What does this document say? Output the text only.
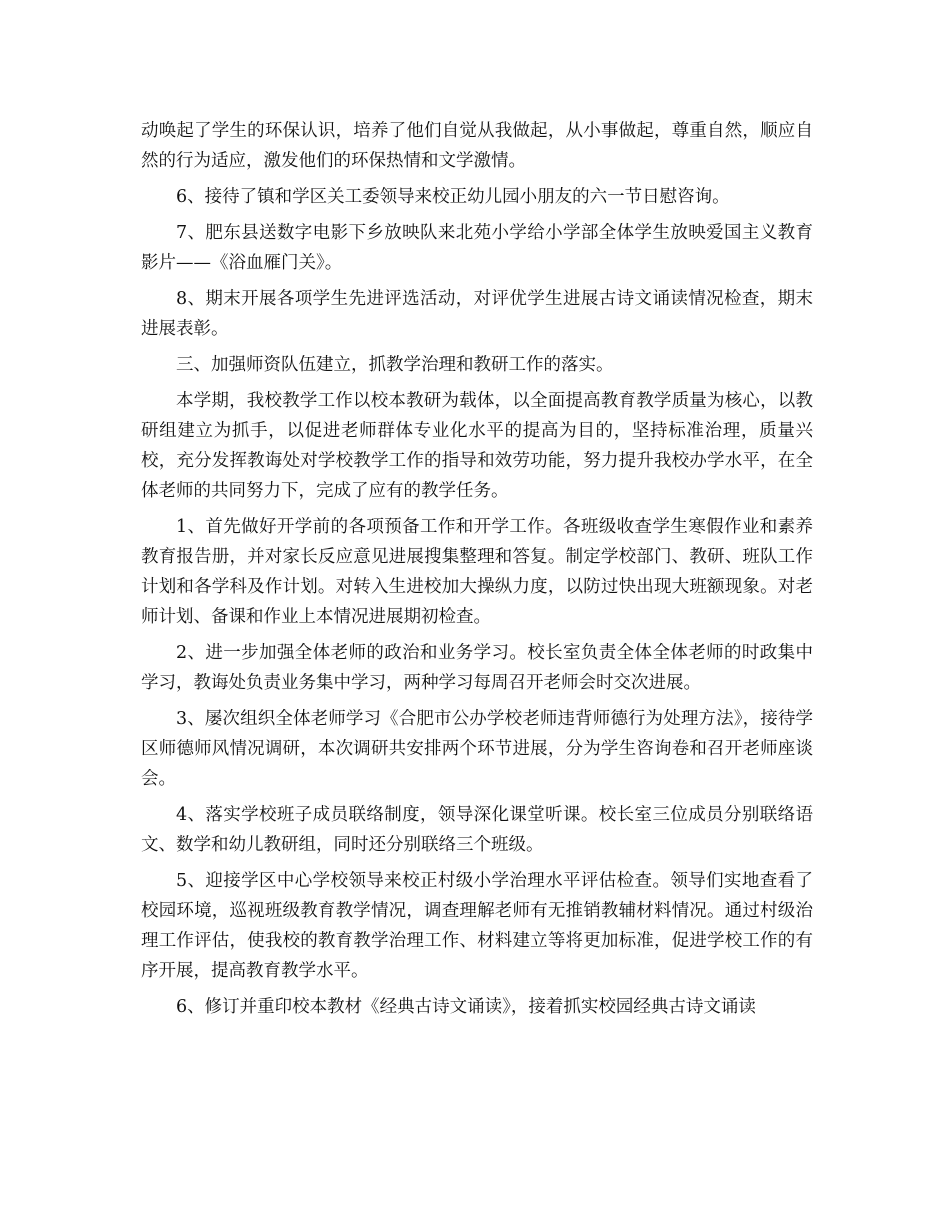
动唤起了学生的环保认识，培养了他们自觉从我做起，从小事做起，尊重自然，顺应自然的行为适应，激发他们的环保热情和文学激情。

6、接待了镇和学区关工委领导来校正幼儿园小朋友的六一节日慰咨询。

7、肥东县送数字电影下乡放映队来北苑小学给小学部全体学生放映爱国主义教育影片——《浴血雁门关》。

8、期末开展各项学生先进评选活动，对评优学生进展古诗文诵读情况检查，期末进展表彰。

三、加强师资队伍建立，抓教学治理和教研工作的落实。

本学期，我校教学工作以校本教研为载体，以全面提高教育教学质量为核心，以教研组建立为抓手，以促进老师群体专业化水平的提高为目的，坚持标准治理，质量兴校，充分发挥教诲处对学校教学工作的指导和效劳功能，努力提升我校办学水平，在全体老师的共同努力下，完成了应有的教学任务。

1、首先做好开学前的各项预备工作和开学工作。各班级收查学生寒假作业和素养教育报告册，并对家长反应意见进展搜集整理和答复。制定学校部门、教研、班队工作计划和各学科及作计划。对转入生进校加大操纵力度，以防过快出现大班额现象。对老师计划、备课和作业上本情况进展期初检查。

2、进一步加强全体老师的政治和业务学习。校长室负责全体全体老师的时政集中学习，教诲处负责业务集中学习，两种学习每周召开老师会时交次进展。

3、屡次组织全体老师学习《合肥市公办学校老师违背师德行为处理方法》，接待学区师德师风情况调研，本次调研共安排两个环节进展，分为学生咨询卷和召开老师座谈会。

4、落实学校班子成员联络制度，领导深化课堂听课。校长室三位成员分别联络语文、数学和幼儿教研组，同时还分别联络三个班级。

5、迎接学区中心学校领导来校正村级小学治理水平评估检查。领导们实地查看了校园环境，巡视班级教育教学情况，调查理解老师有无推销教辅材料情况。通过村级治理工作评估，使我校的教育教学治理工作、材料建立等将更加标准，促进学校工作的有序开展，提高教育教学水平。

6、修订并重印校本教材《经典古诗文诵读》，接着抓实校园经典古诗文诵读
